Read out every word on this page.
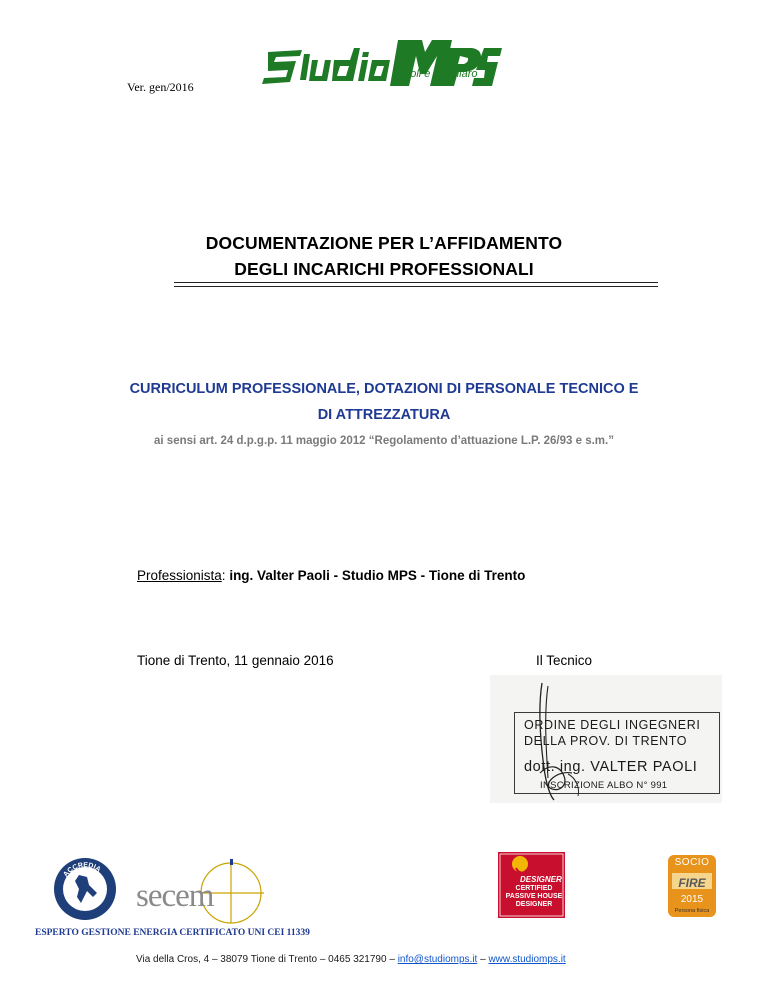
Ver. gen/2016
paoli e cavallaro
DOCUMENTAZIONE PER L’AFFIDAMENTO
DEGLI INCARICHI PROFESSIONALI
CURRICULUM PROFESSIONALE, DOTAZIONI DI PERSONALE TECNICO E
DI ATTREZZATURA
ai sensi art. 24 d.p.g.p. 11 maggio 2012 “Regolamento d’attuazione L.P. 26/93 e s.m.”
Professionista: ing. Valter Paoli - Studio MPS - Tione di Trento
Tione di Trento, 11 gennaio 2016	Il Tecnico
ORDINE DEGLI INGEGNERI
DELLA PROV. DI TRENTO
dott. ing. VALTER PAOLI
INSCRIZIONE ALBO N° 991
ACCREDIA
secem	DESIGNER
CERTIFIED PASSIVE HOUSE DESIGNER
SOCIO
FIRE
2015
Persona fisica
ESPERTO GESTIONE ENERGIA CERTIFICATO UNI CEI 11339
Via della Cros, 4 – 38079 Tione di Trento – 0465 321790 – info@studiomps.it – www.studiomps.it
